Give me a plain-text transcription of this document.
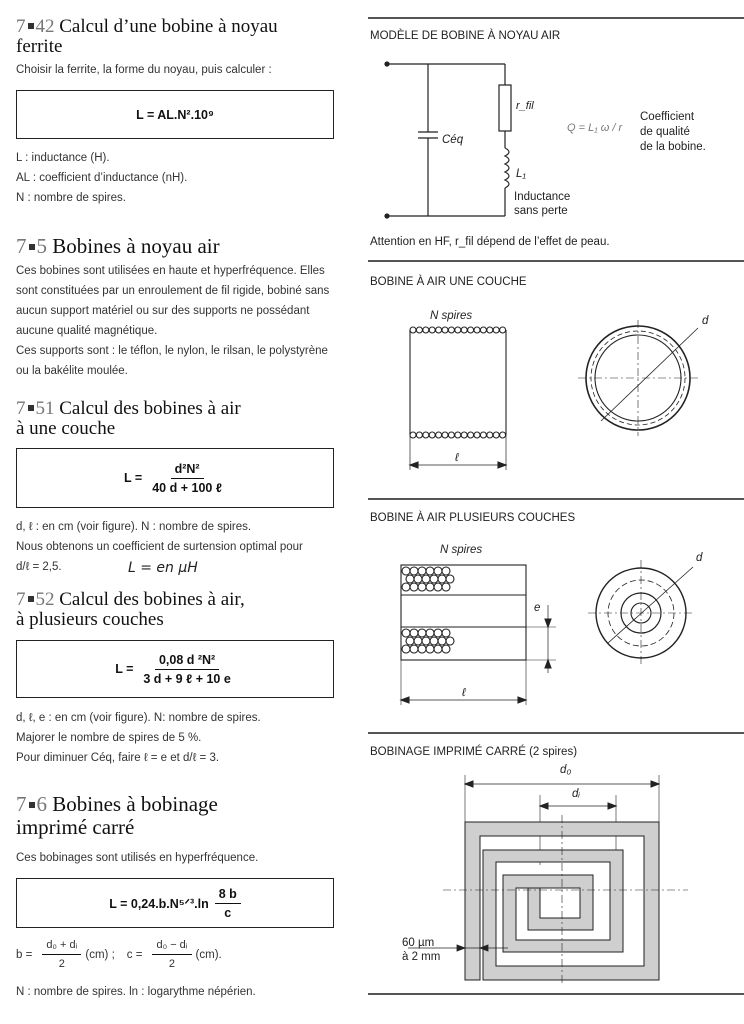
7 42 Calcul d’une bobine à noyau
ferrite
Choisir la ferrite, la forme du noyau, puis calculer :
L = AL.N².10⁹
L : inductance (H).
AL : coefficient d’inductance (nH).
N : nombre de spires.
7 5 Bobines à noyau air
Ces bobines sont utilisées en haute et hyperfréquence. Elles
sont constituées par un enroulement de fil rigide, bobiné sans
aucun support matériel ou sur des supports ne possédant
aucune qualité magnétique.
Ces supports sont : le téflon, le nylon, le rilsan, le polystyrène
ou la bakélite moulée.
7 51 Calcul des bobines à air
à une couche
$L = \frac{\text{d²N²}}{\text{40 d + 100 ℓ}}$
d, ℓ : en cm (voir figure). N : nombre de spires.
Nous obtenons un coefficient de surtension optimal pour
d/ℓ = 2,5.	L = en µH
7 52 Calcul des bobines à air,
à plusieurs couches
$L = \frac{\text{0,08 d ²N²}}{\text{3 d + 9 ℓ + 10 e}}$
d, ℓ, e : en cm (voir figure). N: nombre de spires.
Majorer le nombre de spires de 5 %.
Pour diminuer Céq, faire ℓ = e et d/ℓ = 3.
7 6 Bobines à bobinage
imprimé carré
Ces bobinages sont utilisés en hyperfréquence.
L = 0,24.b.N⁵ᐟ³.ln $\frac{8 b}{c}$
$b = \frac{\text{d₀ + dᵢ}}{2} (cm)$ ; $c = \frac{\text{d₀ − dᵢ}}{2} (cm)$.
N : nombre de spires. ln : logarythme népérien.
MODÈLE DE BOBINE À NOYAU AIR
r_fil
Céq
L₁
Inductance
sans perte
Q = L₁ ω / r
Coefficient
de qualité
de la bobine.
Attention en HF, r_fil dépend de l’effet de peau.
BOBINE À AIR UNE COUCHE
N spires	d
ℓ
BOBINE À AIR PLUSIEURS COUCHES
N spires
d
e
ℓ
BOBINAGE IMPRIMÉ CARRÉ (2 spires)
d₀
dᵢ
60 µm
à 2 mm
